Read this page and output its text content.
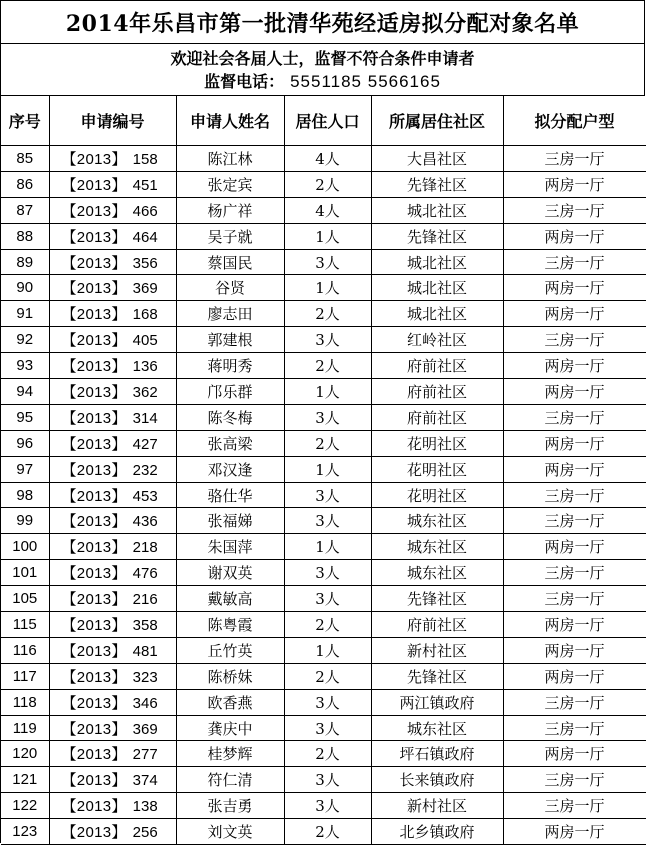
2014年乐昌市第一批清华苑经适房拟分配对象名单
欢迎社会各届人士，监督不符合条件申请者
监督电话： 5551185 5566165
序号	申请编号	申请人姓名	居住人口	所属居住社区	拟分配户型
85	【2013】 158	陈江林	4人	大昌社区	三房一厅
86	【2013】 451	张定宾	2人	先锋社区	两房一厅
87	【2013】 466	杨广祥	4人	城北社区	三房一厅
88	【2013】 464	吴子就	1人	先锋社区	两房一厅
89	【2013】 356	蔡国民	3人	城北社区	三房一厅
90	【2013】 369	谷贤	1人	城北社区	两房一厅
91	【2013】 168	廖志田	2人	城北社区	两房一厅
92	【2013】 405	郭建根	3人	红岭社区	三房一厅
93	【2013】 136	蒋明秀	2人	府前社区	两房一厅
94	【2013】 362	邝乐群	1人	府前社区	两房一厅
95	【2013】 314	陈冬梅	3人	府前社区	三房一厅
96	【2013】 427	张高梁	2人	花明社区	两房一厅
97	【2013】 232	邓汉逢	1人	花明社区	两房一厅
98	【2013】 453	骆仕华	3人	花明社区	三房一厅
99	【2013】 436	张福娣	3人	城东社区	三房一厅
100	【2013】 218	朱国萍	1人	城东社区	两房一厅
101	【2013】 476	谢双英	3人	城东社区	三房一厅
105	【2013】 216	戴敏高	3人	先锋社区	三房一厅
115	【2013】 358	陈粤霞	2人	府前社区	两房一厅
116	【2013】 481	丘竹英	1人	新村社区	两房一厅
117	【2013】 323	陈桥妹	2人	先锋社区	两房一厅
118	【2013】 346	欧香燕	3人	两江镇政府	三房一厅
119	【2013】 369	龚庆中	3人	城东社区	三房一厅
120	【2013】 277	桂梦辉	2人	坪石镇政府	两房一厅
121	【2013】 374	符仁清	3人	长来镇政府	三房一厅
122	【2013】 138	张吉勇	3人	新村社区	三房一厅
123	【2013】 256	刘文英	2人	北乡镇政府	两房一厅
